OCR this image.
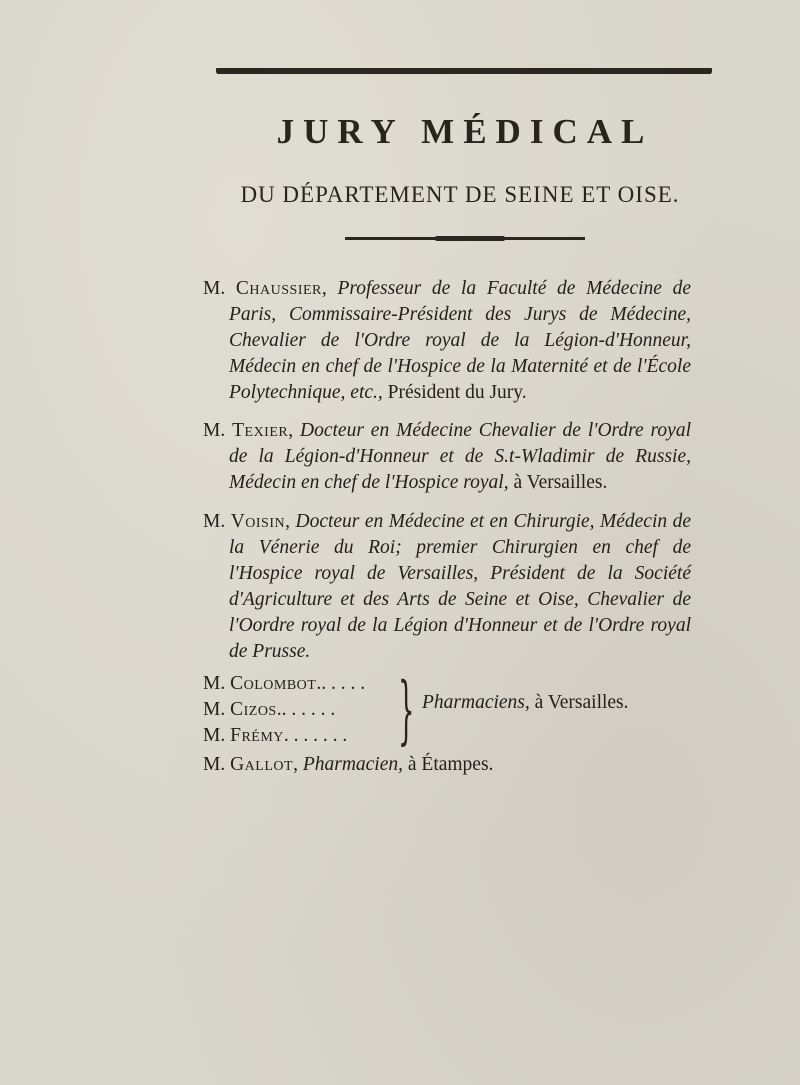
JURY MÉDICAL
DU DÉPARTEMENT DE SEINE ET OISE.
M. Chaussier, Professeur de la Faculté de Médecine de Paris, Commissaire-Président des Jurys de Médecine, Chevalier de l'Ordre royal de la Légion-d'Honneur, Médecin en chef de l'Hospice de la Maternité et de l'École Polytechnique, etc., Président du Jury.
M. Texier, Docteur en Médecine Chevalier de l'Ordre royal de la Légion-d'Honneur et de S.t-Wladimir de Russie, Médecin en chef de l'Hospice royal, à Versailles.
M. Voisin, Docteur en Médecine et en Chirurgie, Médecin de la Vénerie du Roi; premier Chirurgien en chef de l'Hospice royal de Versailles, Président de la Société d'Agriculture et des Arts de Seine et Oise, Chevalier de l'Oordre royal de la Légion d'Honneur et de l'Ordre royal de Prusse.
M. Colombot.. . . . .
M. Cizos.. . . . . .
M. Frémy. . . . . . . } Pharmaciens, à Versailles.
M. Gallot, Pharmacien, à Étampes.
